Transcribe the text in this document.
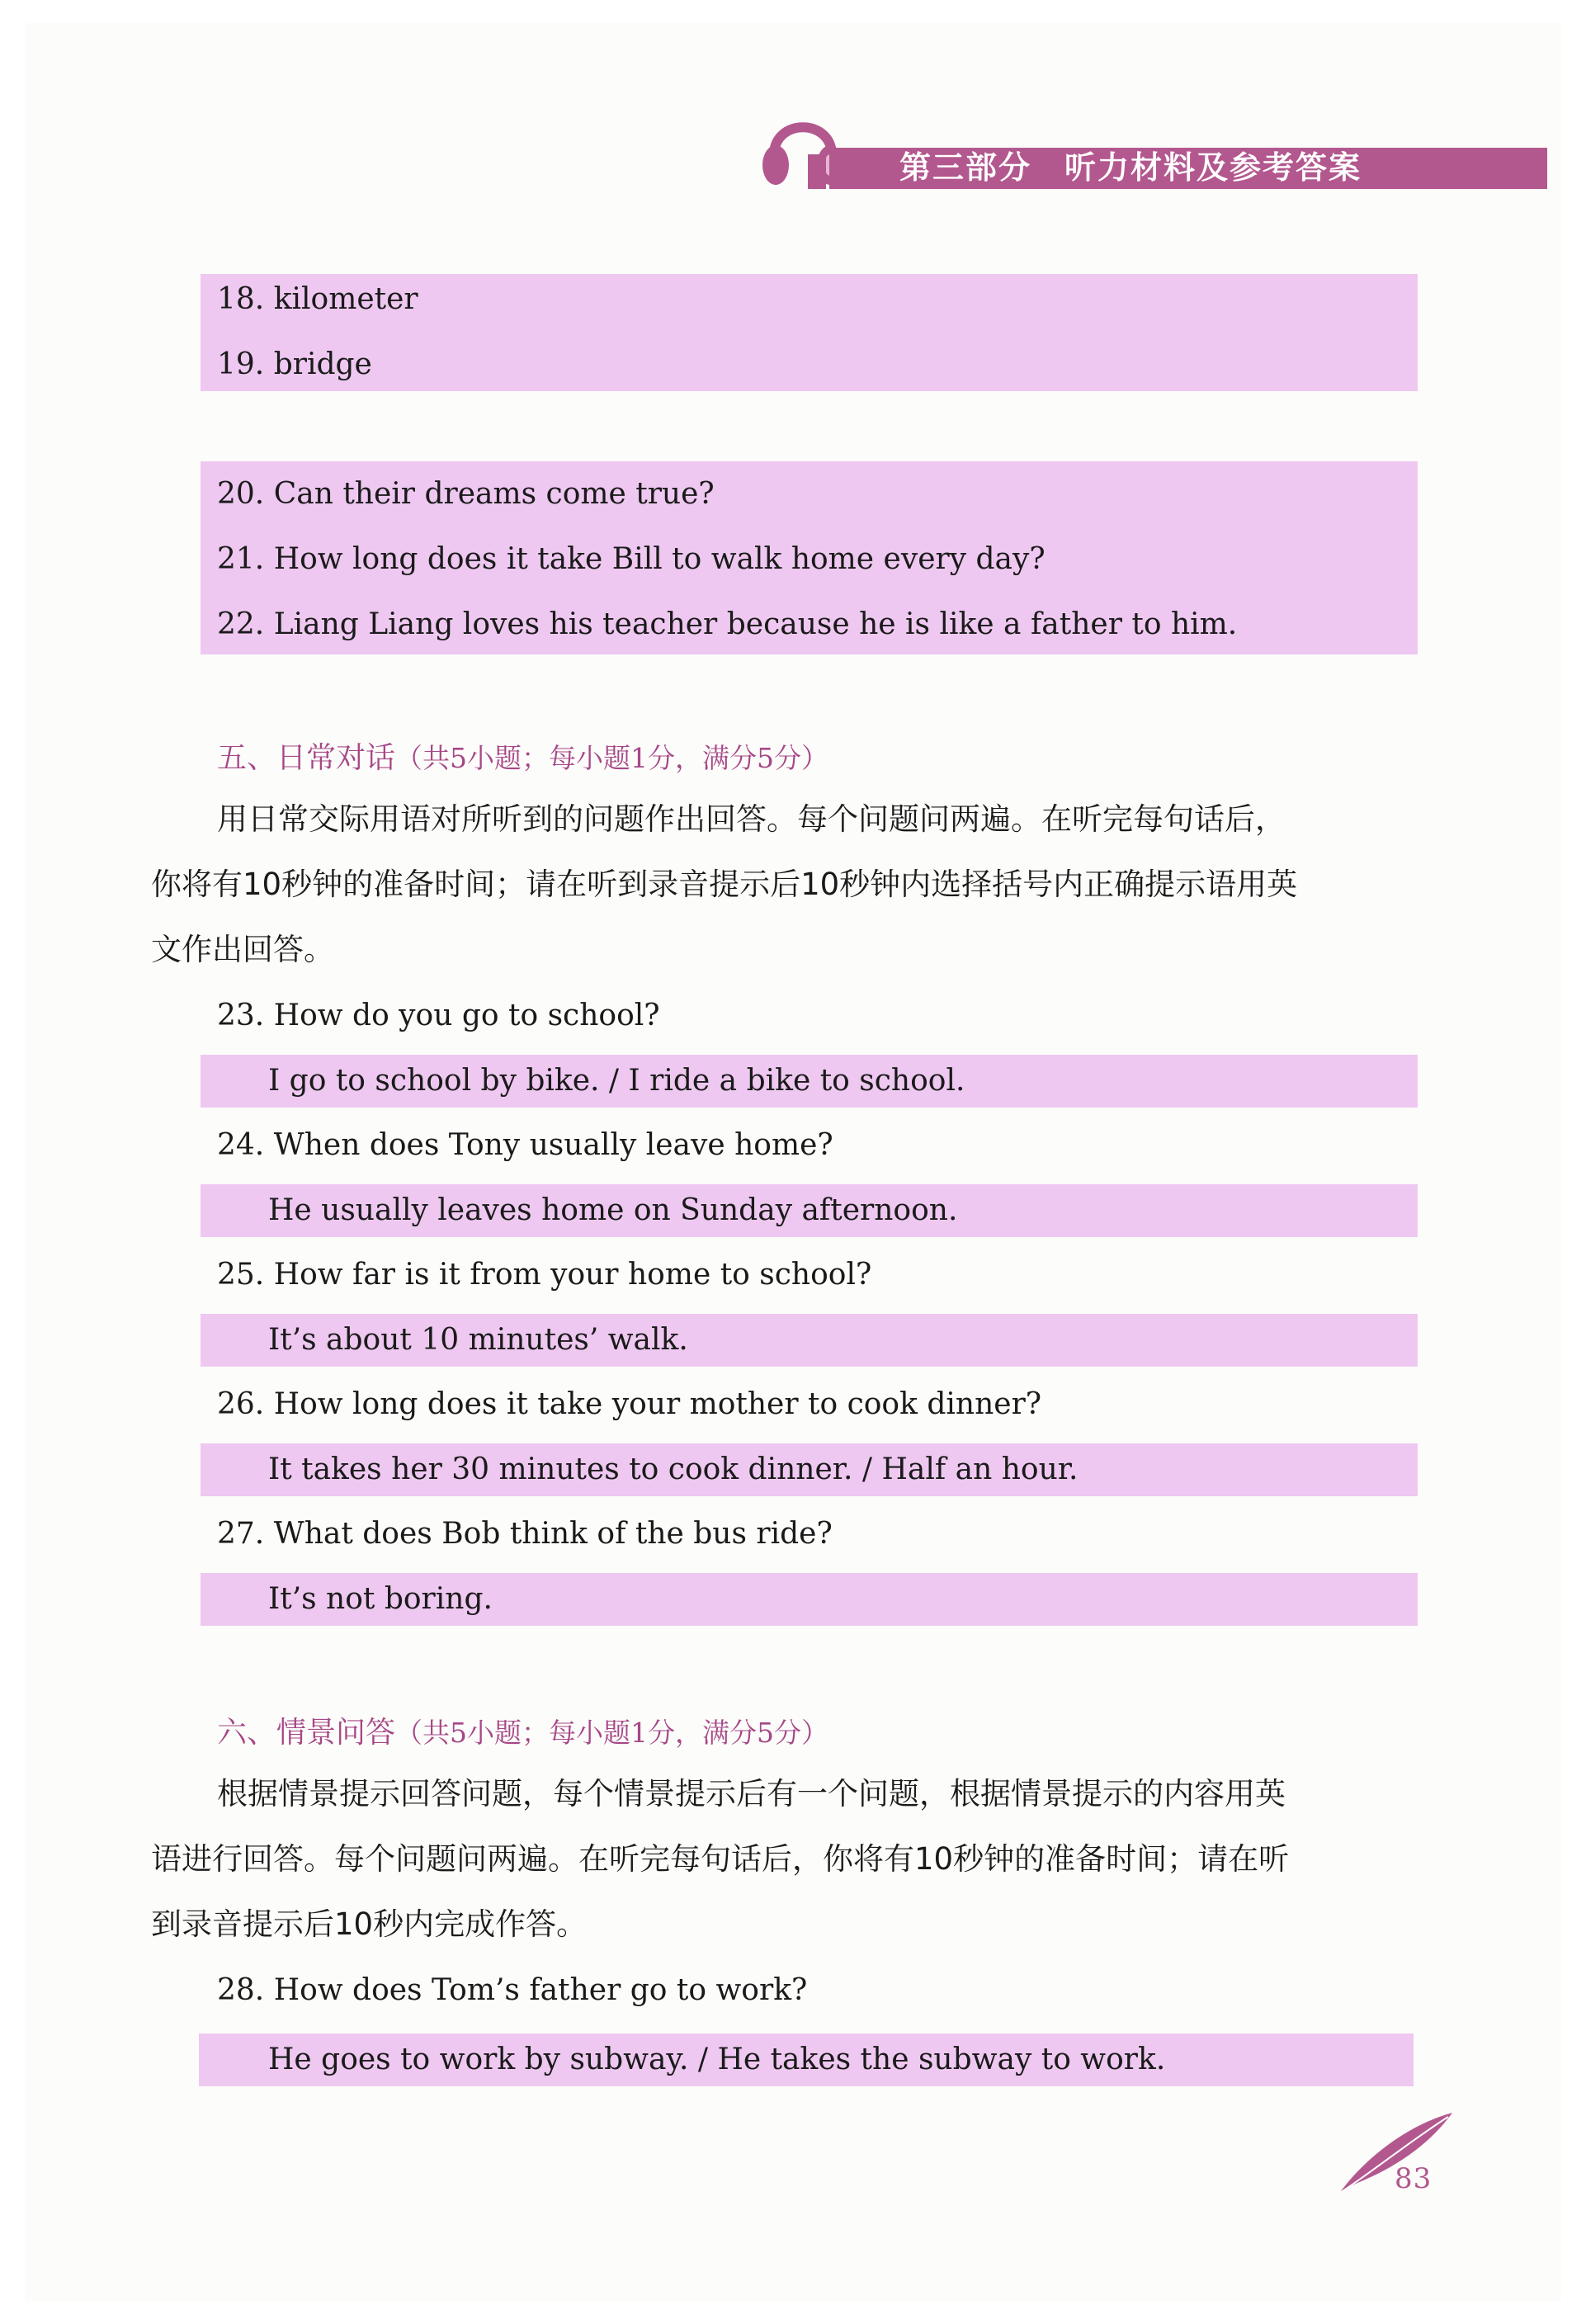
第三部分　听力材料及参考答案
18. kilometer
19. bridge
20. Can their dreams come true?
21. How long does it take Bill to walk home every day?
22. Liang Liang loves his teacher because he is like a father to him.
五、日常对话（共5小题；每小题1分，满分5分）
用日常交际用语对所听到的问题作出回答。每个问题问两遍。在听完每句话后，
你将有10秒钟的准备时间；请在听到录音提示后10秒钟内选择括号内正确提示语用英
文作出回答。
23. How do you go to school?
I go to school by bike. / I ride a bike to school.
24. When does Tony usually leave home?
He usually leaves home on Sunday afternoon.
25. How far is it from your home to school?
It’s about 10 minutes’ walk.
26. How long does it take your mother to cook dinner?
It takes her 30 minutes to cook dinner. / Half an hour.
27. What does Bob think of the bus ride?
It’s not boring.
六、情景问答（共5小题；每小题1分，满分5分）
根据情景提示回答问题，每个情景提示后有一个问题，根据情景提示的内容用英
语进行回答。每个问题问两遍。在听完每句话后，你将有10秒钟的准备时间；请在听
到录音提示后10秒内完成作答。
28. How does Tom’s father go to work?
He goes to work by subway. / He takes the subway to work.
83
